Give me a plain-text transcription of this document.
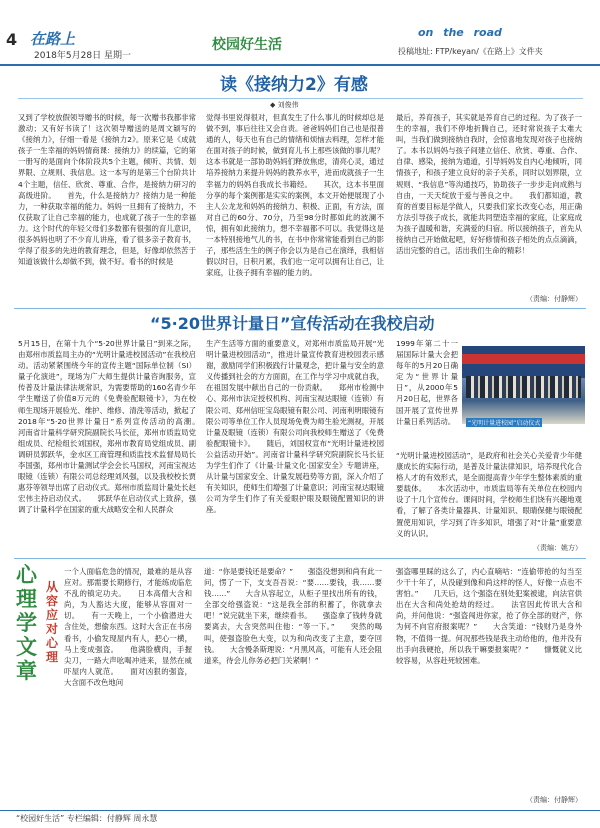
4 在路上
2018年5月28日 星期一
校园好生活
on the road
投稿地址: FTP/keyan/《在路上》文件夹
读《接纳力2》有感
◆ 刘俊伟
又到了学校放假领导赠书的时候，每一次赠书我都非常激动；又有好书读了！这次领导赠送的是周文颖写的《接纳力》，仔细一看是《接纳力2》。原来它是《成就孩子一生幸福的妈妈情商课：接纳力》的续篇，它的第一册写的是面向个体阶段共5个主题，倾听、共情、划界限、立规则、我信息。这一本写的是第三个台阶共计4个主题，信任、欣赏、尊重、合作，是接纳力研习的高级进阶。　　首先，什么是接纳力？接纳力是一种能力，一种获取幸福的能力。妈妈一旦拥有了接纳力，不仅获取了让自己幸福的能力，也成就了孩子一生的幸福力。这个时代的年轻父母们多数都有很强的育儿意识，很多妈妈也明了不少育儿讲座，看了很多亲子教育书，学得了很多的先进的教育理念，但是，好像却依然苦于知道该做什么却做不到，做不好。看书的时候是
觉得书里说得很对，但真发生了什么事儿的时候却总是做不到，事后往往又会自责。爸爸妈妈们自己也是很普通的人，每天也有自己的情绪和烦恼去料理，怎样才能在面对孩子的时候，做到育儿书上那些该做的事儿呢？这本书就是一部协助妈妈们释放焦虑，清亮心灵，通过培养接纳力来提升妈妈的教养水平，进而成就孩子一生幸福力的妈妈自我成长书籍经。　　其次，这本书里面分享的每个案例都是实实的案例，本文开始便展现了小主人公龙龙和妈妈的接纳力、积极、正面，有方法，面对自己的60分、70分，乃至98分时都如此的波澜不惊，拥有如此接纳力，想不幸福都不可以。我觉得这是一本特别接地气儿的书，在书中你常常能看到自己的影子，那些活生生的例子你会以为是自己在演绎，我相信假以时日，日积月累，我们也一定可以拥有让自己，让家庭，让孩子拥有幸福的能力的。
最后，养育孩子，其实就是养育自己的过程。为了孩子一生的幸福，我们不停地折腾自己，还时常说孩子太难大叫，当我们做到接纳自我时，会惊喜地发现对孩子也接纳了。本书以妈妈与孩子间建立信任、欣赏、尊重、合作、自律、感染，接纳为通道，引导妈妈发自内心地倾听，同情孩子，和孩子建立良好的亲子关系，同时以划界限，立规则、“我信息”等沟通技巧，协助孩子一步步走向成熟与自由，一天天绽放于爱与善良之中。　　我们都知道，教育的首要目标是学做人，只要我们家长改变心态，用正确方法引导孩子成长，就能共同塑造幸福的家庭，让家庭成为孩子温暖和谐，充满爱的归宿。所以接纳孩子，首先从接纳自己开始做起吧，好好修情和孩子相处的点点滴滴，活出完整的自己，活出我们生命的精彩！
（责编：付静辉）
“5·20世界计量日”宣传活动在我校启动
5月15日，在第十九个“5·20世界计量日”到来之际，由郑州市质监局主办的“光明计量进校园活动”在我校启动。活动紧紧围绕今年的宣传主题“国际单位制（SI）量子化演进”，现场为广大师生提供计量咨询服务，宣传普及计量法律法规常识，为需要帮助的160名青少年学生赠送了价值8万元的《免费验配眼镜卡》，为在校师生现场开展验光、维护、维修、清洗等活动，掀起了2018年“5·20世界计量日”系列宣传活动的高潮。　　河南省计量科学研究院副院长马长征，郑州市质监局党组成员、纪检组长刘国权，郑州市教育局党组成员、副调研员郭跃华，金水区工商管理和质监技术监督局局长李国强，郑州市计量测试学会会长马国权，河南宝视达眼镜（连锁）有限公司总经理刘风强，以及我校校长贾惠芬等领导出席了启动仪式。郑州市质监局计量处长赵宏伟主持启动仪式。　　郭跃华在启动仪式上致辞，强调了计量科学在国家的重大战略安全和人民群众
生产生活等方面的重要意义，对郑州市质监局开展“光明计量进校园活动”，推进计量宣传教育进校园表示感谢，激励同学们积极践行计量观念，把计量与安全的意义传播到社会的方方面面，在工作与学习中成就自我，在祖国发展中献出自己的一份贡献。　　郑州市检测中心、郑州市法定授权机构、河南宝视达眼镜（连锁）有限公司、郑州信旺宝岛眼镜有限公司、河南利明眼镜有限公司等单位工作人员现场免费为师生验光测视，开展计量及眼镜（连锁）有限公司向我校师生赠送了《免费验配眼镜卡》。　　随后，刘国权宣布“光明计量进校园公益活动开始”。河南省计量科学研究院副院长马长征为学生们作了《计量·计量文化·国家安全》专题讲座，从计量与国家安全、计量发展趋势等方面，深入介绍了有关知识，使师生们增强了计量意识；河南宝视达眼镜公司为学生们作了有关爱眼护眼及眼镜配置知识的讲座。
1999年第二十一届国际计量大会把每年的5月20日确定为“世界计量日”，从2000年5月20日起，世界各国开展了宣传世界计量日系列活动。	“光明计量进校园”启动仪式
“光明计量进校园活动”，是政府和社会关心关爱青少年健康成长的实际行动，是普及计量法律知识，培养现代化合格人才的有效形式，是全面提高青少年学生整体素质的重要载体。　　本次活动中，市质监局等有关单位在校园内设了十几个宣传台。课间时间，学校师生们饶有兴趣地观看，了解了各类计量器具、计量知识、眼睛保健与眼镜配置使用知识，学习到了许多知识，增强了对“计量”重要意义的认识。
（责编：姚方）
心理学文章
从容应对心理
一个人面临危急的情况，最难的是从容应对。那需要长期修行，才能练成临危不乱的镇定功夫。　　日本高僧大含和尚，为人豁达大度，能够从容面对一切。　　有一天晚上，一个小偷潜进大含住处，想偷东西。这时大含正在书房看书，小偷发现屋内有人，把心一横，马上变成强盗。　　他满脸横肉，手握尖刀，一路大声吆喝冲进来，显然在威吓屋内人就范。　　面对凶狠的强盗，大含面不改色地问
道：“你是要钱还是要命？”　　强盗没想到和尚有此一问，愣了一下，支支吾吾说：“要……要钱，我……要钱……”　　大含从容起立，从柜子里找出所有的钱，全部交给强盗说：“这是我全部的积蓄了，你就拿去吧！”说完就坐下来，继续看书。　　强盗拿了钱转身就要离去，大含突然叫住他：“等一下。”　　突然的喝叫，使强盗脸色大变，以为和尚改变了主意，要夺回钱。　　大含慢条斯理说：“月黑风高，可能有人还会阻道来，待会儿你务必把门关紧啊！”
强盗哪里睬的这么了，内心直嘀咕：“连偷带抢的勾当至少干十年了，从没碰到像和尚这样的怪人，好像一点也不害怕。”　　几天后，这个强盗在别处犯案被逮，向法官供出在大含和尚处抢劫的经过。　　法官因此传讯大含和尚，并问他说：“强盗闯进你家，抢了你全部的财产，你为何不向官府报案呢？”　　大含笑道：“钱财乃是身外物，不值得一提。何况那些钱是我主动给他的，他并没有出手向我硬抢，所以我干嘛要报案呢？”　　慷慨就义比较容易，从容赴死较困难。
（责编：付静辉）
“校园好生活” 专栏编辑：付静辉 周永慧
